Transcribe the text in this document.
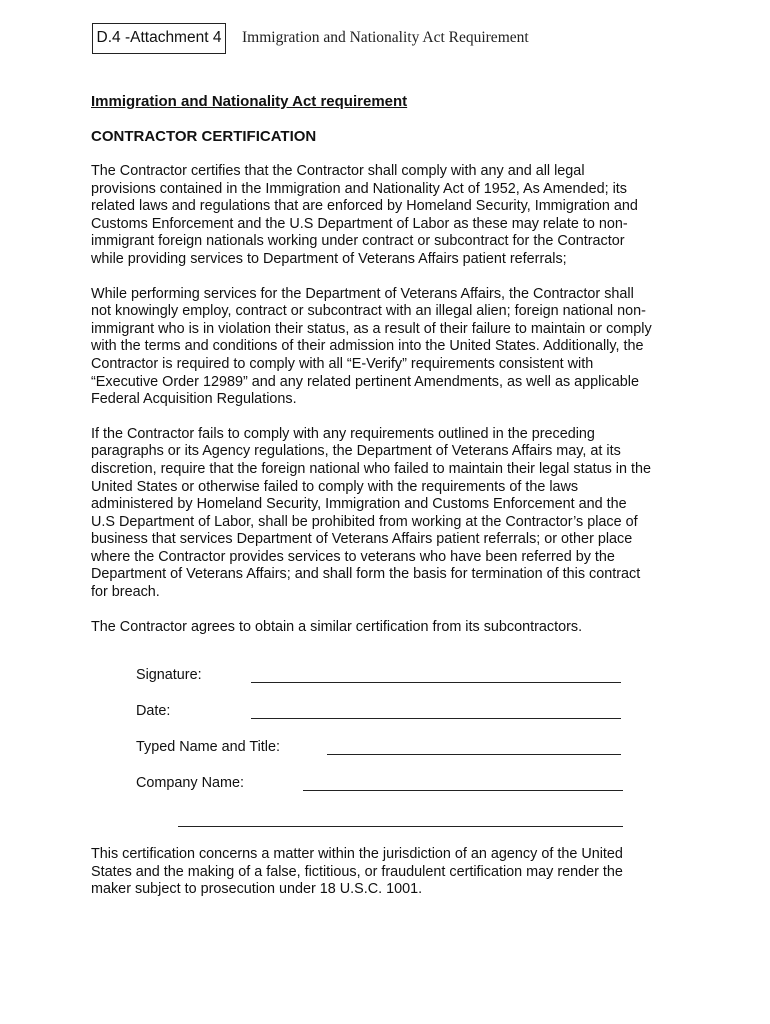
D.4 -Attachment 4 Immigration and Nationality Act Requirement
Immigration and Nationality Act requirement
CONTRACTOR CERTIFICATION
The Contractor certifies that the Contractor shall comply with any and all legal
provisions contained in the Immigration and Nationality Act of 1952, As Amended; its
related laws and regulations that are enforced by Homeland Security, Immigration and
Customs Enforcement and the U.S Department of Labor as these may relate to non-
immigrant foreign nationals working under contract or subcontract for the Contractor
while providing services to Department of Veterans Affairs patient referrals;
While performing services for the Department of Veterans Affairs, the Contractor shall
not knowingly employ, contract or subcontract with an illegal alien; foreign national non-
immigrant who is in violation their status, as a result of their failure to maintain or comply
with the terms and conditions of their admission into the United States. Additionally, the
Contractor is required to comply with all “E-Verify” requirements consistent with
“Executive Order 12989” and any related pertinent Amendments, as well as applicable
Federal Acquisition Regulations.
If the Contractor fails to comply with any requirements outlined in the preceding
paragraphs or its Agency regulations, the Department of Veterans Affairs may, at its
discretion, require that the foreign national who failed to maintain their legal status in the
United States or otherwise failed to comply with the requirements of the laws
administered by Homeland Security, Immigration and Customs Enforcement and the
U.S Department of Labor, shall be prohibited from working at the Contractor’s place of
business that services Department of Veterans Affairs patient referrals; or other place
where the Contractor provides services to veterans who have been referred by the
Department of Veterans Affairs; and shall form the basis for termination of this contract
for breach.
The Contractor agrees to obtain a similar certification from its subcontractors.
Signature:
Date:
Typed Name and Title:
Company Name:
This certification concerns a matter within the jurisdiction of an agency of the United
States and the making of a false, fictitious, or fraudulent certification may render the
maker subject to prosecution under 18 U.S.C. 1001.
